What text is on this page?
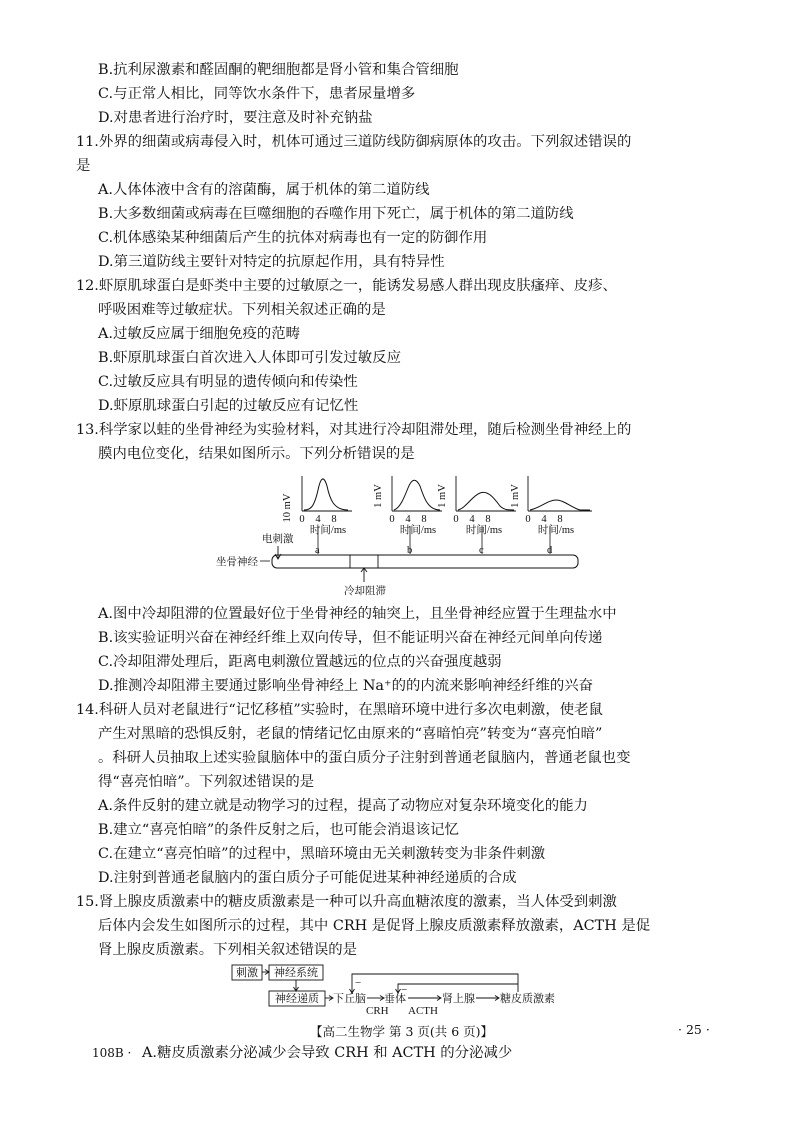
B.抗利尿激素和醛固酮的靶细胞都是肾小管和集合管细胞
C.与正常人相比，同等饮水条件下，患者尿量增多
D.对患者进行治疗时，要注意及时补充钠盐
11.外界的细菌或病毒侵入时，机体可通过三道防线防御病原体的攻击。下列叙述错误的
是
A.人体体液中含有的溶菌酶，属于机体的第二道防线
B.大多数细菌或病毒在巨噬细胞的吞噬作用下死亡，属于机体的第二道防线
C.机体感染某种细菌后产生的抗体对病毒也有一定的防御作用
D.第三道防线主要针对特定的抗原起作用，具有特异性
12.虾原肌球蛋白是虾类中主要的过敏原之一，能诱发易感人群出现皮肤瘙痒、皮疹、
呼吸困难等过敏症状。下列相关叙述正确的是
A.过敏反应属于细胞免疫的范畴
B.虾原肌球蛋白首次进入人体即可引发过敏反应
C.过敏反应具有明显的遗传倾向和传染性
D.虾原肌球蛋白引起的过敏反应有记忆性
13.科学家以蛙的坐骨神经为实验材料，对其进行冷却阻滞处理，随后检测坐骨神经上的
膜内电位变化，结果如图所示。下列分析错误的是
10 mV 0 4 8
时间/ms
1 mV
0 4 8
时间/ms
1 mV
0 4 8
时间/ms
1 mV
0 4 8
时间/ms
电刺激
a	b	c	d
坐骨神经
冷却阻滞
A.图中冷却阻滞的位置最好位于坐骨神经的轴突上，且坐骨神经应置于生理盐水中
B.该实验证明兴奋在神经纤维上双向传导，但不能证明兴奋在神经元间单向传递
C.冷却阻滞处理后，距离电刺激位置越远的位点的兴奋强度越弱
D.推测冷却阻滞主要通过影响坐骨神经上 Na⁺的的内流来影响神经纤维的兴奋
14.科研人员对老鼠进行“记忆移植”实验时，在黑暗环境中进行多次电刺激，使老鼠
产生对黑暗的恐惧反射，老鼠的情绪记忆由原来的“喜暗怕亮”转变为“喜亮怕暗”
。科研人员抽取上述实验鼠脑体中的蛋白质分子注射到普通老鼠脑内，普通老鼠也变
得“喜亮怕暗”。下列叙述错误的是
A.条件反射的建立就是动物学习的过程，提高了动物应对复杂环境变化的能力
B.建立“喜亮怕暗”的条件反射之后，也可能会消退该记忆
C.在建立“喜亮怕暗”的过程中，黑暗环境由无关刺激转变为非条件刺激
D.注射到普通老鼠脑内的蛋白质分子可能促进某种神经递质的合成
15.肾上腺皮质激素中的糖皮质激素是一种可以升高血糖浓度的激素，当人体受到刺激
后体内会发生如图所示的过程，其中 CRH 是促肾上腺皮质激素释放激素，ACTH 是促
肾上腺皮质激素。下列相关叙述错误的是
刺激 神经系统
神经递质 下丘脑
CRH
垂体
ACTH
肾上腺 糖皮质激素
−
−
【高二生物学 第 3 页(共 6 页)】	· 25 ·
108B · A.糖皮质激素分泌减少会导致 CRH 和 ACTH 的分泌减少
